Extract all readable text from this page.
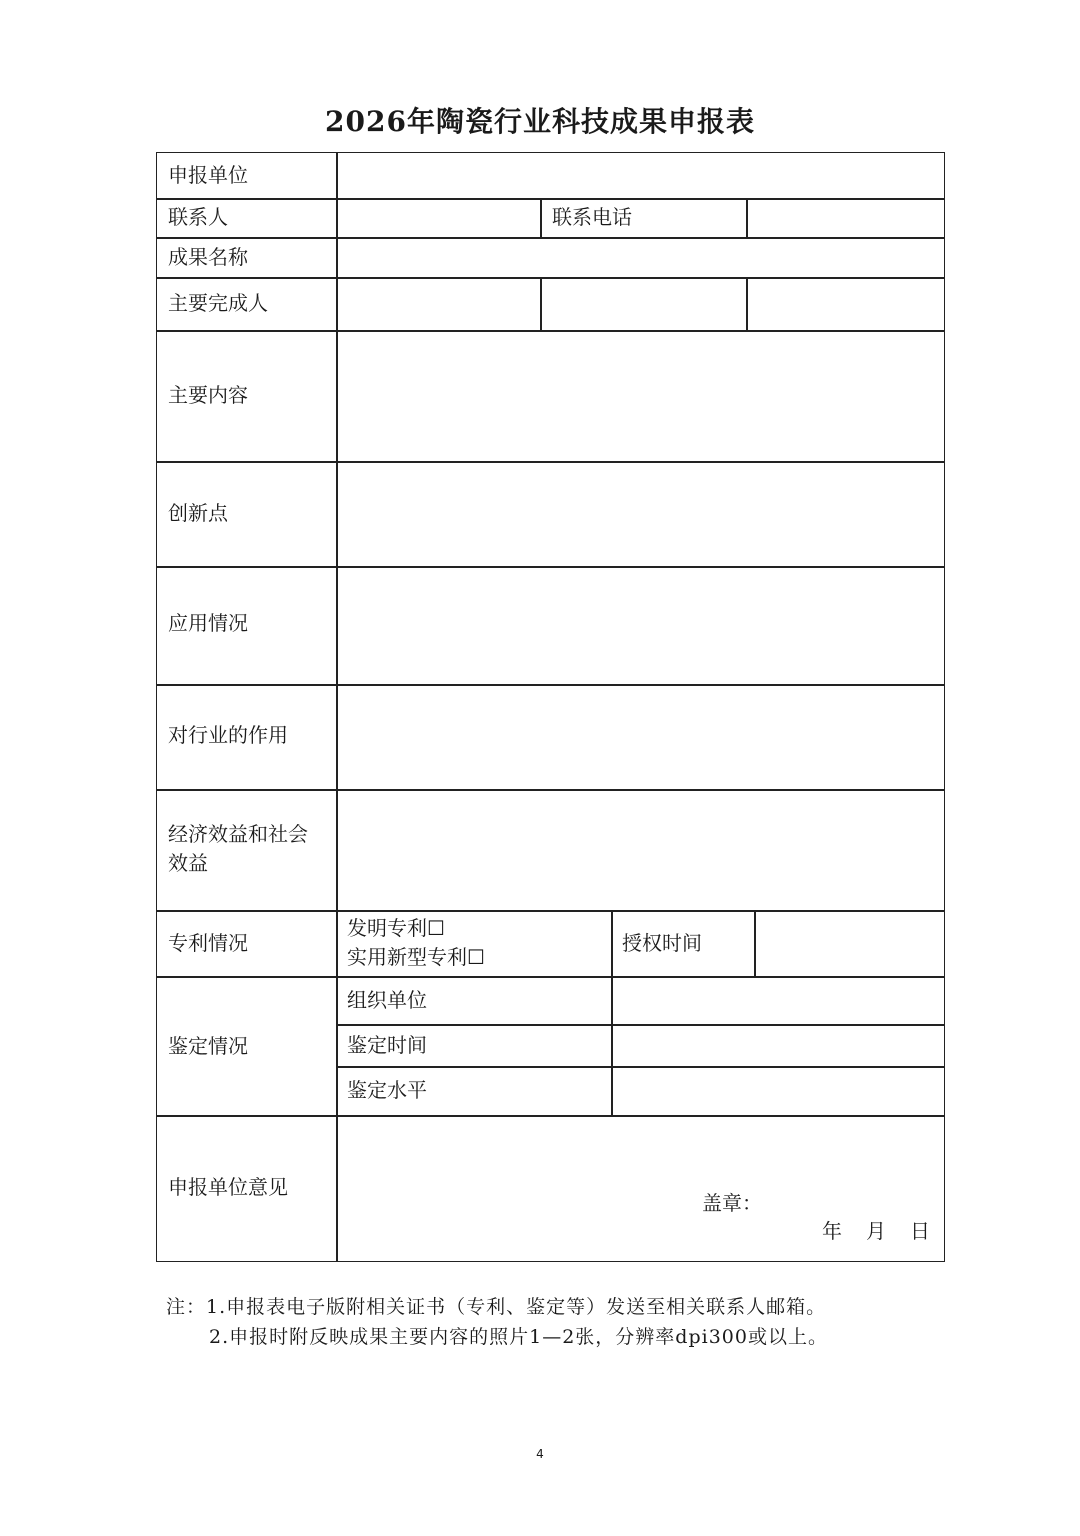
2026年陶瓷行业科技成果申报表
申报单位
联系人	联系电话
成果名称
主要完成人
主要内容
创新点
应用情况
对行业的作用
经济效益和社会
效益
专利情况
发明专利☐
实用新型专利☐
授权时间
鉴定情况
组织单位
鉴定时间
鉴定水平
申报单位意见
盖章：
年　月　日
注：1.申报表电子版附相关证书（专利、鉴定等）发送至相关联系人邮箱。
2.申报时附反映成果主要内容的照片1—2张，分辨率dpi300或以上。
4
